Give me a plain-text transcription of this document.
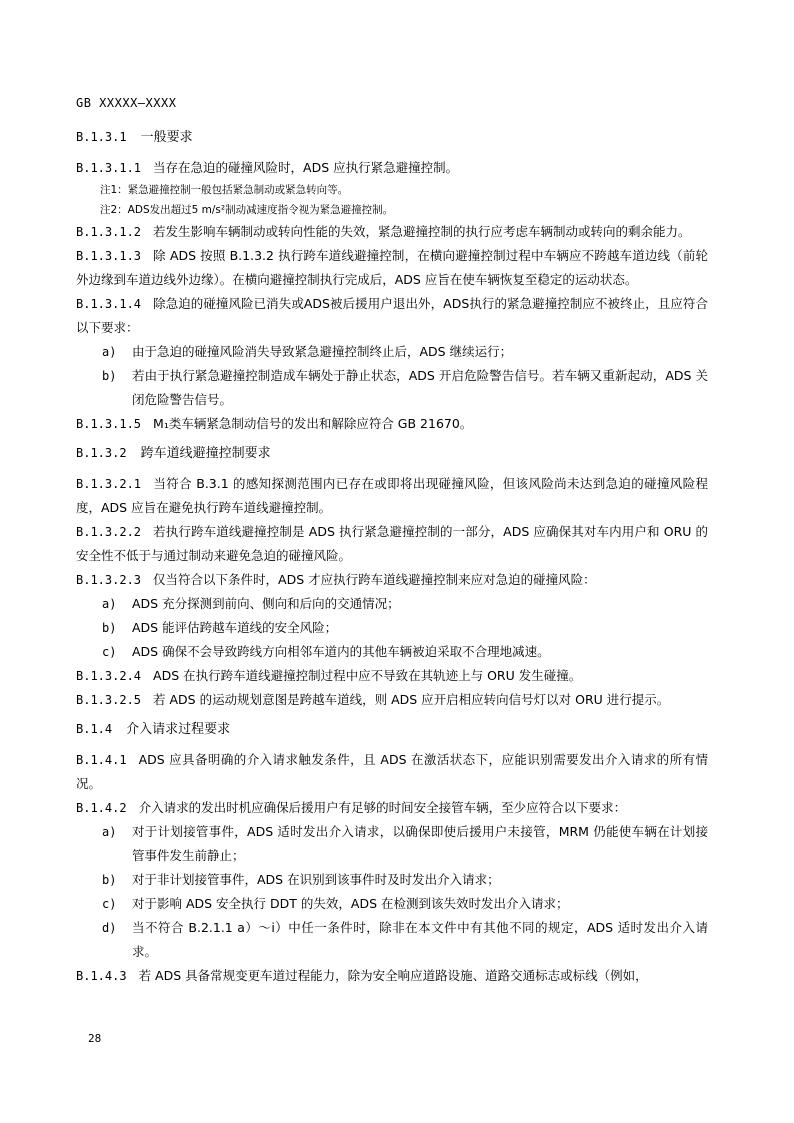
GB XXXXX—XXXX
B.1.3.1 一般要求
B.1.3.1.1 当存在急迫的碰撞风险时，ADS 应执行紧急避撞控制。
注1：紧急避撞控制一般包括紧急制动或紧急转向等。
注2：ADS发出超过5 m/s²制动减速度指令视为紧急避撞控制。
B.1.3.1.2 若发生影响车辆制动或转向性能的失效，紧急避撞控制的执行应考虑车辆制动或转向的剩余能力。
B.1.3.1.3 除 ADS 按照 B.1.3.2 执行跨车道线避撞控制，在横向避撞控制过程中车辆应不跨越车道边线（前轮外边缘到车道边线外边缘）。在横向避撞控制执行完成后，ADS 应旨在使车辆恢复至稳定的运动状态。
B.1.3.1.4 除急迫的碰撞风险已消失或ADS被后援用户退出外，ADS执行的紧急避撞控制应不被终止，且应符合以下要求：
a)	由于急迫的碰撞风险消失导致紧急避撞控制终止后，ADS 继续运行；
b)	若由于执行紧急避撞控制造成车辆处于静止状态，ADS 开启危险警告信号。若车辆又重新起动，ADS 关闭危险警告信号。
B.1.3.1.5 M₁类车辆紧急制动信号的发出和解除应符合 GB 21670。
B.1.3.2 跨车道线避撞控制要求
B.1.3.2.1 当符合 B.3.1 的感知探测范围内已存在或即将出现碰撞风险，但该风险尚未达到急迫的碰撞风险程度，ADS 应旨在避免执行跨车道线避撞控制。
B.1.3.2.2 若执行跨车道线避撞控制是 ADS 执行紧急避撞控制的一部分，ADS 应确保其对车内用户和 ORU 的安全性不低于与通过制动来避免急迫的碰撞风险。
B.1.3.2.3 仅当符合以下条件时，ADS 才应执行跨车道线避撞控制来应对急迫的碰撞风险：
a)	ADS 充分探测到前向、侧向和后向的交通情况；
b)	ADS 能评估跨越车道线的安全风险；
c)	ADS 确保不会导致跨线方向相邻车道内的其他车辆被迫采取不合理地减速。
B.1.3.2.4 ADS 在执行跨车道线避撞控制过程中应不导致在其轨迹上与 ORU 发生碰撞。
B.1.3.2.5 若 ADS 的运动规划意图是跨越车道线，则 ADS 应开启相应转向信号灯以对 ORU 进行提示。
B.1.4 介入请求过程要求
B.1.4.1 ADS 应具备明确的介入请求触发条件，且 ADS 在激活状态下，应能识别需要发出介入请求的所有情况。
B.1.4.2 介入请求的发出时机应确保后援用户有足够的时间安全接管车辆，至少应符合以下要求：
a)	对于计划接管事件，ADS 适时发出介入请求，以确保即使后援用户未接管，MRM 仍能使车辆在计划接管事件发生前静止；
b)	对于非计划接管事件，ADS 在识别到该事件时及时发出介入请求；
c)	对于影响 ADS 安全执行 DDT 的失效，ADS 在检测到该失效时发出介入请求；
d)	当不符合 B.2.1.1 a）～i）中任一条件时，除非在本文件中有其他不同的规定，ADS 适时发出介入请求。
B.1.4.3 若 ADS 具备常规变更车道过程能力，除为安全响应道路设施、道路交通标志或标线（例如，
28
